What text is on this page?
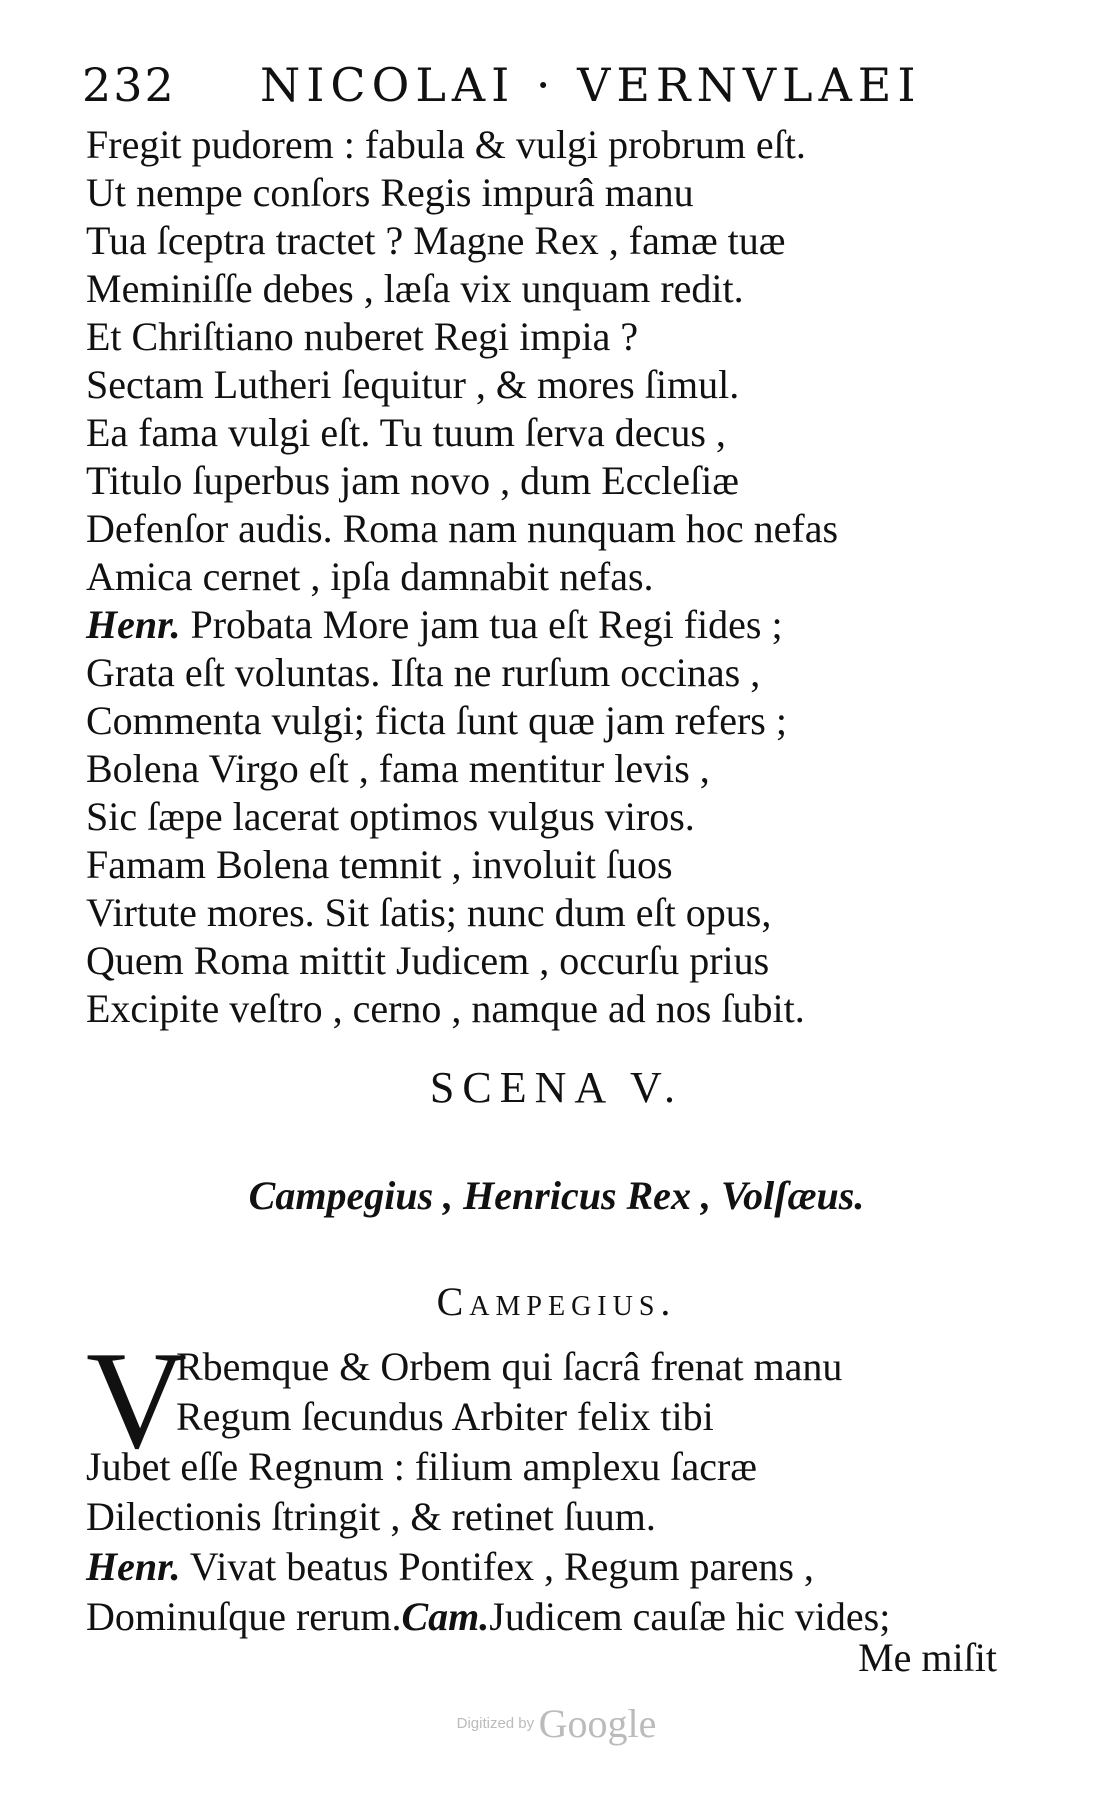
232 NICOLAI · VERNVLAEI
Fregit pudorem : fabula & vulgi probrum eſt.
Ut nempe conſors Regis impurâ manu
Tua ſceptra tractet ? Magne Rex , famæ tuæ
Meminiſſe debes , læſa vix unquam redit.
Et Chriſtiano nuberet Regi impia ?
Sectam Lutheri ſequitur , & mores ſimul.
Ea fama vulgi eſt. Tu tuum ſerva decus ,
Titulo ſuperbus jam novo , dum Eccleſiæ
Defenſor audis. Roma nam nunquam hoc nefas
Amica cernet , ipſa damnabit nefas.
Henr. Probata More jam tua eſt Regi fides ;
Grata eſt voluntas. Iſta ne rurſum occinas ,
Commenta vulgi; ficta ſunt quæ jam refers ;
Bolena Virgo eſt , fama mentitur levis ,
Sic ſæpe lacerat optimos vulgus viros.
Famam Bolena temnit , involuit ſuos
Virtute mores. Sit ſatis; nunc dum eſt opus,
Quem Roma mittit Judicem , occurſu prius
Excipite veſtro , cerno , namque ad nos ſubit.
SCENA V.
Campegius , Henricus Rex , Volſæus.
Campegius.
V
Rbemque & Orbem qui ſacrâ frenat manu
Regum ſecundus Arbiter felix tibi
Jubet eſſe Regnum : filium amplexu ſacræ
Dilectionis ſtringit , & retinet ſuum.
Henr. Vivat beatus Pontifex , Regum parens ,
Dominuſque rerum.Cam.Judicem cauſæ hic vides;
Me miſit
Digitized by Google
